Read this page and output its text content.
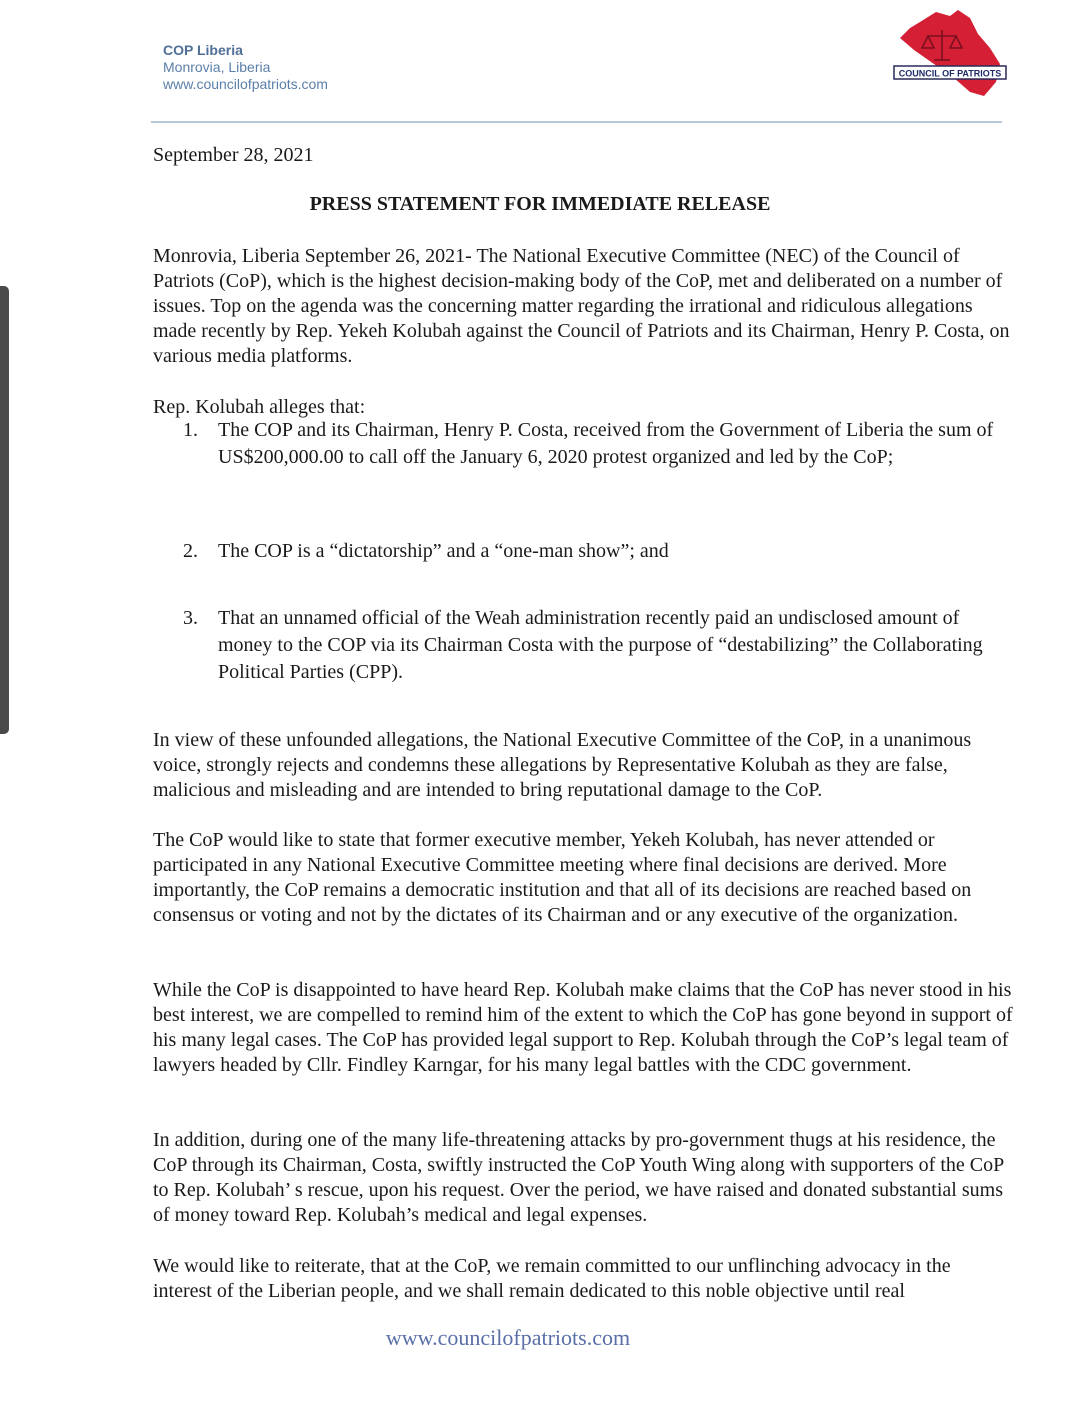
COP Liberia
Monrovia, Liberia
www.councilofpatriots.com
COUNCIL OF PATRIOTS
September 28, 2021
PRESS STATEMENT FOR IMMEDIATE RELEASE

Monrovia, Liberia September 26, 2021- The National Executive Committee (NEC) of the Council of Patriots (CoP), which is the highest decision-making body of the CoP, met and deliberated on a number of issues. Top on the agenda was the concerning matter regarding the irrational and ridiculous allegations made recently by Rep. Yekeh Kolubah against the Council of Patriots and its Chairman, Henry P. Costa, on various media platforms.

Rep. Kolubah alleges that:

1. The COP and its Chairman, Henry P. Costa, received from the Government of Liberia the sum of US$200,000.00 to call off the January 6, 2020 protest organized and led by the CoP;

2. The COP is a “dictatorship” and a “one-man show”; and

3. That an unnamed official of the Weah administration recently paid an undisclosed amount of money to the COP via its Chairman Costa with the purpose of “destabilizing” the Collaborating Political Parties (CPP).

In view of these unfounded allegations, the National Executive Committee of the CoP, in a unanimous voice, strongly rejects and condemns these allegations by Representative Kolubah as they are false, malicious and misleading and are intended to bring reputational damage to the CoP.

The CoP would like to state that former executive member, Yekeh Kolubah, has never attended or participated in any National Executive Committee meeting where final decisions are derived. More importantly, the CoP remains a democratic institution and that all of its decisions are reached based on consensus or voting and not by the dictates of its Chairman and or any executive of the organization.

While the CoP is disappointed to have heard Rep. Kolubah make claims that the CoP has never stood in his best interest, we are compelled to remind him of the extent to which the CoP has gone beyond in support of his many legal cases. The CoP has provided legal support to Rep. Kolubah through the CoP’s legal team of lawyers headed by Cllr. Findley Karngar, for his many legal battles with the CDC government.

In addition, during one of the many life-threatening attacks by pro-government thugs at his residence, the CoP through its Chairman, Costa, swiftly instructed the CoP Youth Wing along with supporters of the CoP to Rep. Kolubah’ s rescue, upon his request. Over the period, we have raised and donated substantial sums of money toward Rep. Kolubah’s medical and legal expenses.

We would like to reiterate, that at the CoP, we remain committed to our unflinching advocacy in the interest of the Liberian people, and we shall remain dedicated to this noble objective until real

www.councilofpatriots.com
